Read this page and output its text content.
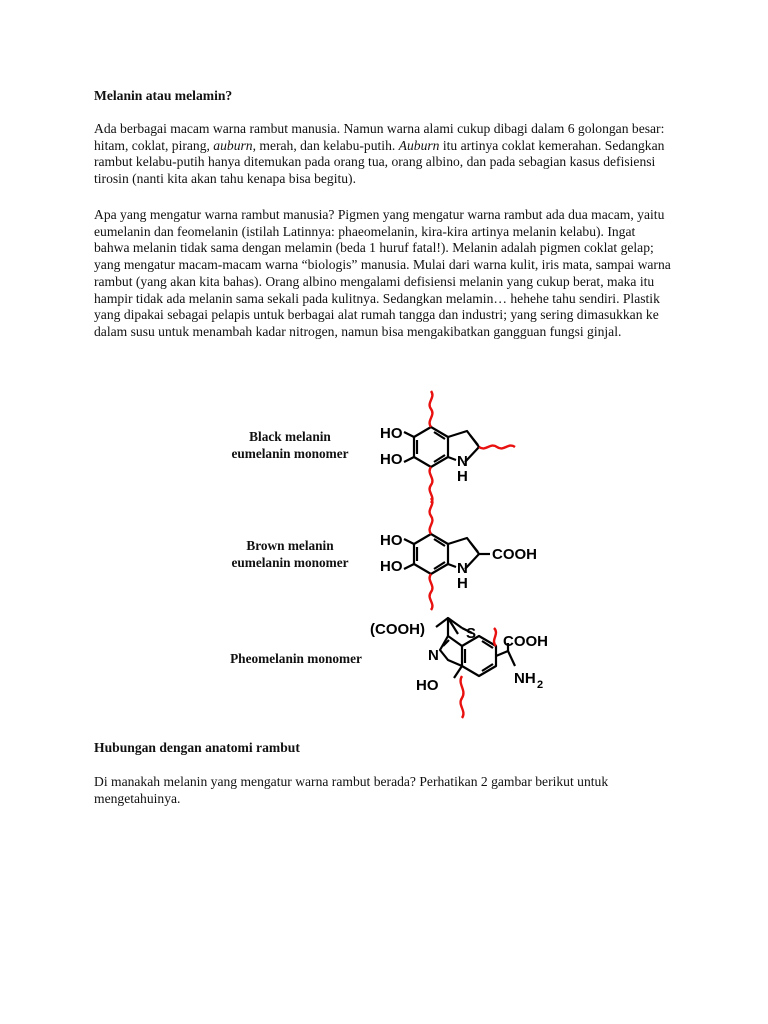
Melanin atau melamin?
Ada berbagai macam warna rambut manusia. Namun warna alami cukup dibagi dalam 6 golongan besar: hitam, coklat, pirang, auburn, merah, dan kelabu-putih. Auburn itu artinya coklat kemerahan. Sedangkan rambut kelabu-putih hanya ditemukan pada orang tua, orang albino, dan pada sebagian kasus defisiensi tirosin (nanti kita akan tahu kenapa bisa begitu).
Apa yang mengatur warna rambut manusia? Pigmen yang mengatur warna rambut ada dua macam, yaitu eumelanin dan feomelanin (istilah Latinnya: phaeomelanin, kira-kira artinya melanin kelabu). Ingat bahwa melanin tidak sama dengan melamin (beda 1 huruf fatal!). Melanin adalah pigmen coklat gelap; yang mengatur macam-macam warna “biologis” manusia. Mulai dari warna kulit, iris mata, sampai warna rambut (yang akan kita bahas). Orang albino mengalami defisiensi melanin yang cukup berat, maka itu hampir tidak ada melanin sama sekali pada kulitnya. Sedangkan melamin… hehehe tahu sendiri. Plastik yang dipakai sebagai pelapis untuk berbagai alat rumah tangga dan industri; yang sering dimasukkan ke dalam susu untuk menambah kadar nitrogen, namun bisa mengakibatkan gangguan fungsi ginjal.
Black melanin
eumelanin monomer
Brown melanin
eumelanin monomer
Pheomelanin monomer
HO
HO	N
H
HO
HO	N
H
COOH
(COOH)	S
N
HO
COOH
NH 2
Hubungan dengan anatomi rambut
Di manakah melanin yang mengatur warna rambut berada? Perhatikan 2 gambar berikut untuk mengetahuinya.
